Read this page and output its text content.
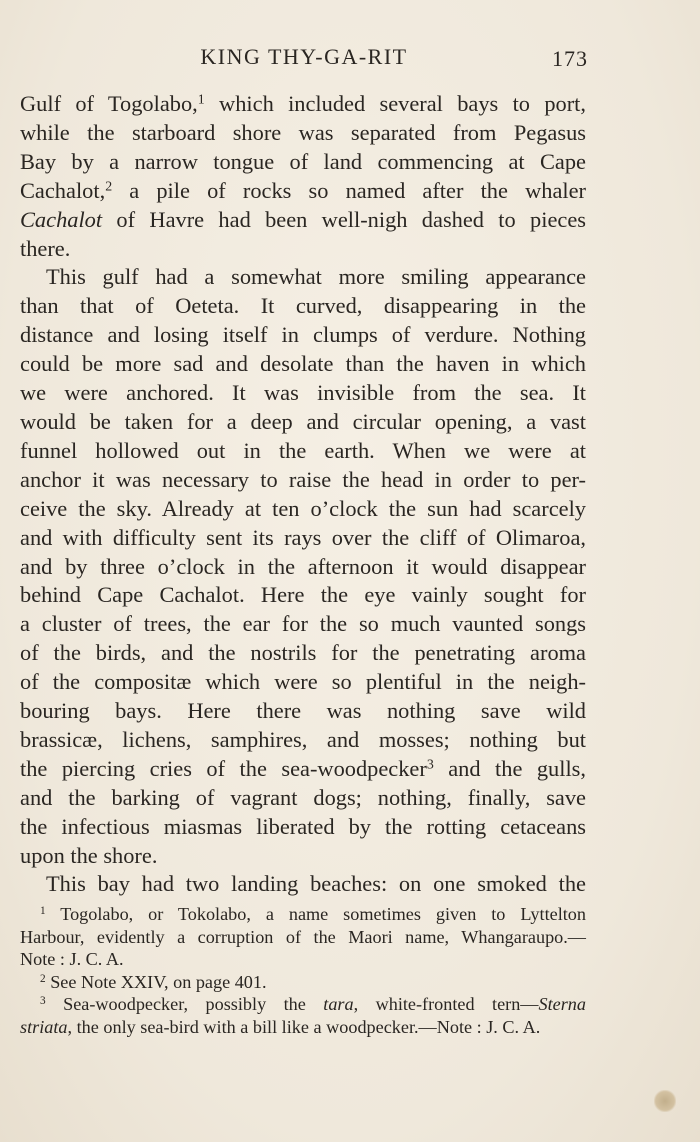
KING THY-GA-RIT	173

Gulf of Togolabo,$^1$ which included several bays to port,
while the starboard shore was separated from Pegasus
Bay by a narrow tongue of land commencing at Cape
Cachalot,$^2$ a pile of rocks so named after the whaler
Cachalot of Havre had been well-nigh dashed to pieces
there.

This gulf had a somewhat more smiling appearance
than that of Oeteta. It curved, disappearing in the
distance and losing itself in clumps of verdure. Nothing
could be more sad and desolate than the haven in which
we were anchored. It was invisible from the sea. It
would be taken for a deep and circular opening, a vast
funnel hollowed out in the earth. When we were at
anchor it was necessary to raise the head in order to per-
ceive the sky. Already at ten o’clock the sun had scarcely
and with difficulty sent its rays over the cliff of Olimaroa,
and by three o’clock in the afternoon it would disappear
behind Cape Cachalot. Here the eye vainly sought for
a cluster of trees, the ear for the so much vaunted songs
of the birds, and the nostrils for the penetrating aroma
of the compositæ which were so plentiful in the neigh-
bouring bays. Here there was nothing save wild
brassicæ, lichens, samphires, and mosses; nothing but
the piercing cries of the sea-woodpecker$^3$ and the gulls,
and the barking of vagrant dogs; nothing, finally, save
the infectious miasmas liberated by the rotting cetaceans
upon the shore.

This bay had two landing beaches: on one smoked the

$^1$ Togolabo, or Tokolabo, a name sometimes given to Lyttelton
Harbour, evidently a corruption of the Maori name, Whangaraupo.—
Note : J. C. A.
$^2$ See Note XXIV, on page 401.
$^3$ Sea-woodpecker, possibly the tara, white-fronted tern—Sterna
striata, the only sea-bird with a bill like a woodpecker.—Note : J. C. A.
